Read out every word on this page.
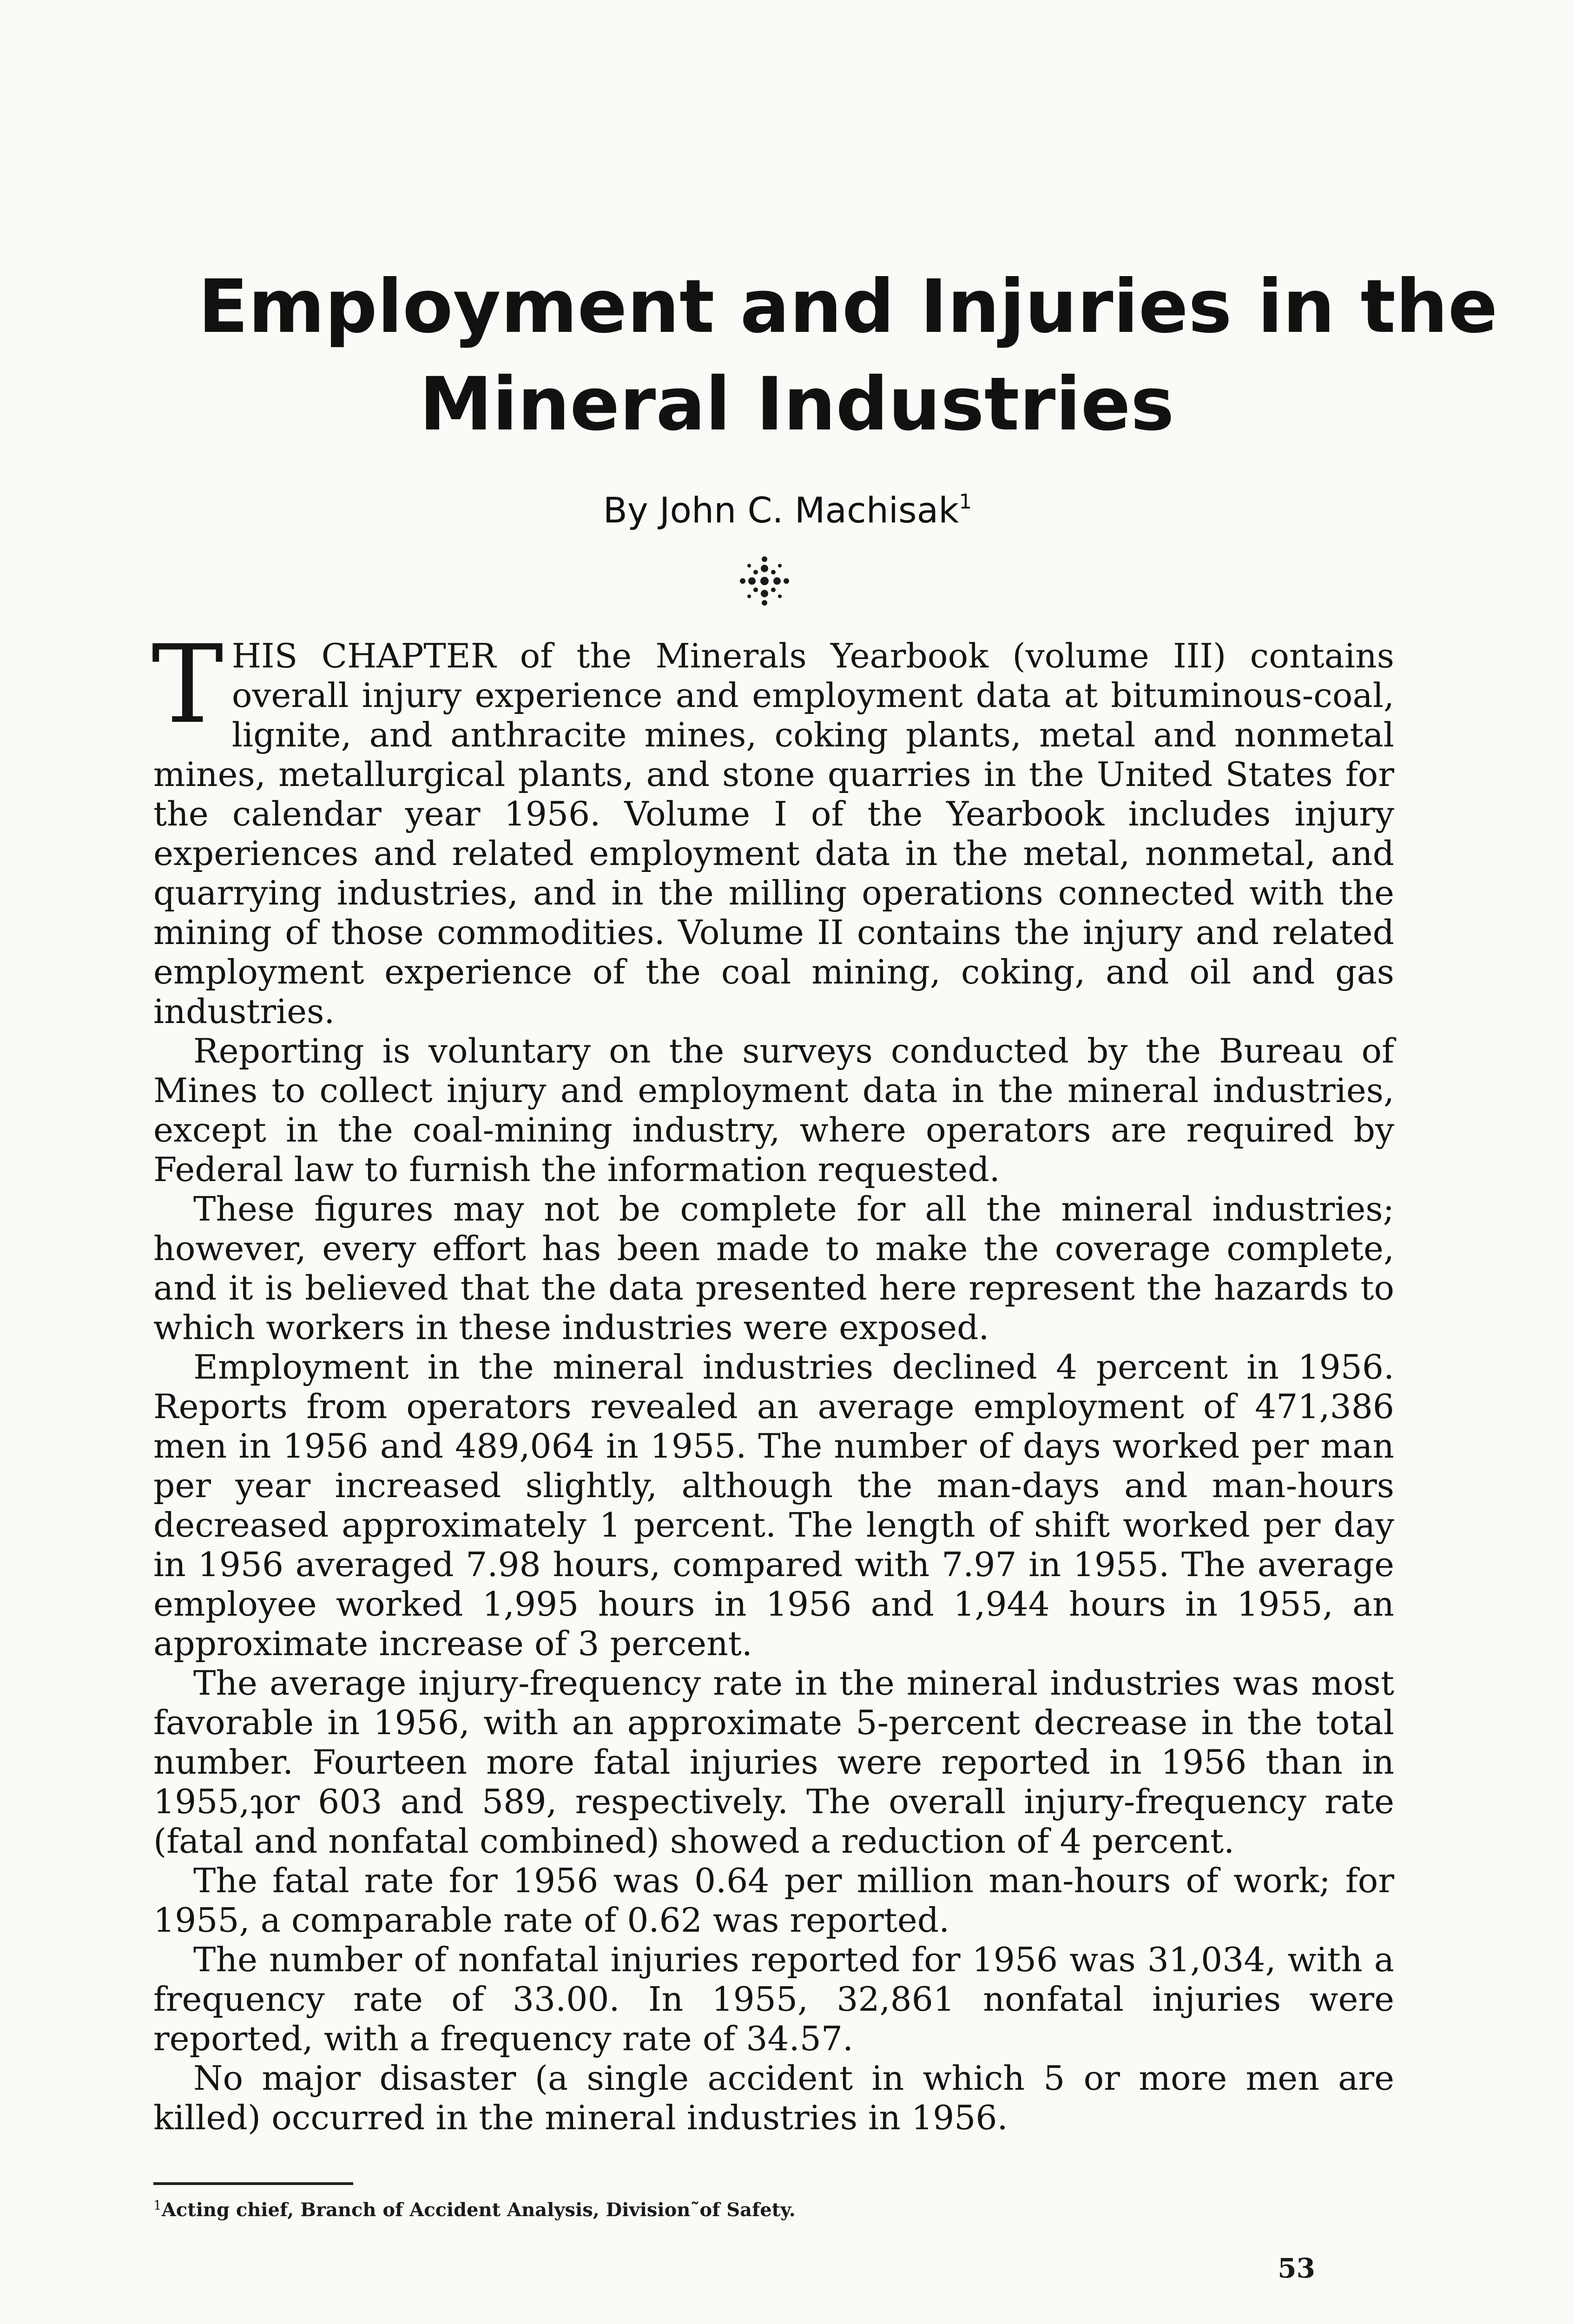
Employment and Injuries in the
Mineral Industries
By John C. Machisak$^1$

THIS CHAPTER of the Minerals Yearbook (volume III) contains overall injury experience and employment data at bituminous-coal, lignite, and anthracite mines, coking plants, metal and nonmetal mines, metallurgical plants, and stone quarries in the United States for the calendar year 1956. Volume I of the Yearbook includes injury experiences and related employment data in the metal, nonmetal, and quarrying industries, and in the milling operations connected with the mining of those commodities. Volume II contains the injury and related employment experience of the coal mining, coking, and oil and gas industries.

Reporting is voluntary on the surveys conducted by the Bureau of Mines to collect injury and employment data in the mineral industries, except in the coal-mining industry, where operators are required by Federal law to furnish the information requested.

These figures may not be complete for all the mineral industries; however, every effort has been made to make the coverage complete, and it is believed that the data presented here represent the hazards to which workers in these industries were exposed.

Employment in the mineral industries declined 4 percent in 1956. Reports from operators revealed an average employment of 471,386 men in 1956 and 489,064 in 1955. The number of days worked per man per year increased slightly, although the man-days and man-hours decreased approximately 1 percent. The length of shift worked per day in 1956 averaged 7.98 hours, compared with 7.97 in 1955. The average employee worked 1,995 hours in 1956 and 1,944 hours in 1955, an approximate increase of 3 percent.

The average injury-frequency rate in the mineral industries was most favorable in 1956, with an approximate 5-percent decrease in the total number. Fourteen more fatal injuries were reported in 1956 than in 1955,ʇor 603 and 589, respectively. The overall injury-frequency rate (fatal and nonfatal combined) showed a reduction of 4 percent.

The fatal rate for 1956 was 0.64 per million man-hours of work; for 1955, a comparable rate of 0.62 was reported.

The number of nonfatal injuries reported for 1956 was 31,034, with a frequency rate of 33.00. In 1955, 32,861 nonfatal injuries were reported, with a frequency rate of 34.57.

No major disaster (a single accident in which 5 or more men are killed) occurred in the mineral industries in 1956.

$^1$Acting chief, Branch of Accident Analysis, Division˜of Safety.
53
